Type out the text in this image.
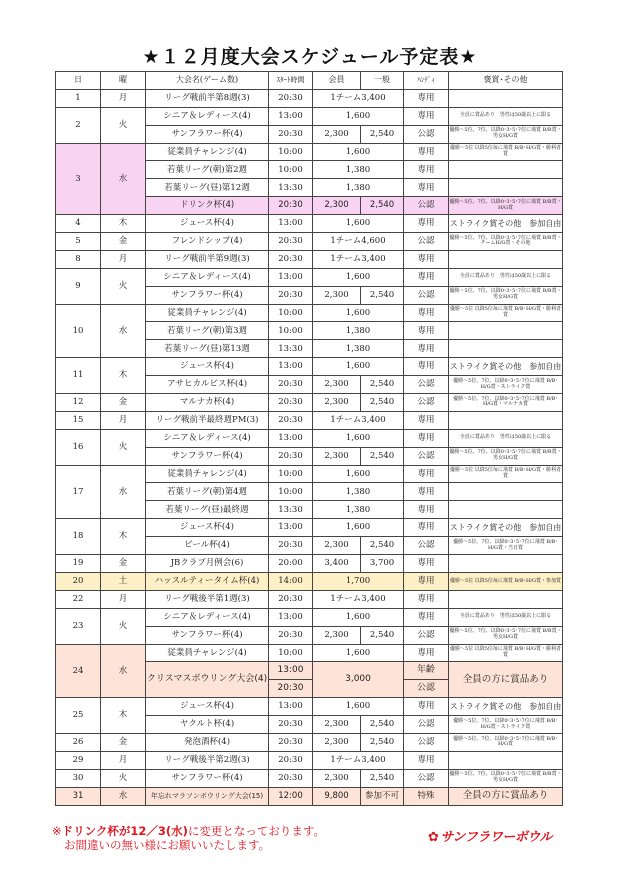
★１２月度大会スケジュール予定表★
日	曜	大会名(ゲーム数)	ｽﾀｰﾄ時間	会員	一般	ﾊﾝﾃﾞｨ	褒賞･その他
1	月	リーグ戦前半第8週(3)	20:30	1チーム3,400		専用	
2	火	シニア＆レディース(4)	13:00	1,600		専用	全員に賞品あり　男性は50歳以上に限る
		サンフラワー杯(4)	20:30	2,300	2,540	公認	優勝～5位、7位、以降0･3･5･7位に飛賞 B/B賞・男女H/G賞
3	水	従業員チャレンジ(4)	10:00	1,600		専用	優勝～5位 以降5位毎に飛賞 B/B･H/G賞・勝利者賞
		若葉リーグ(朝)第2週	10:00	1,380		専用	
		若葉リーグ(昼)第12週	13:30	1,380		専用	
		ドリンク杯(4)	20:30	2,300	2,540	公認	優勝～5位、7位、以降0･3･5･7位に飛賞 B/B賞・H/G賞
4	木	ジュース杯(4)	13:00	1,600		専用	ストライク賞その他　参加自由
5	金	フレンドシップ(4)	20:30	1チーム4,600		公認	優勝～5位、7位、以降0･3･5･7位に飛賞 B/B賞・チームH/G賞・その他
8	月	リーグ戦前半第9週(3)	20:30	1チーム3,400		専用	
9	火	シニア＆レディース(4)	13:00	1,600		専用	全員に賞品あり　男性は50歳以上に限る
		サンフラワー杯(4)	20:30	2,300	2,540	公認	優勝～5位、7位、以降0･3･5･7位に飛賞 B/B賞・男女H/G賞
10	水	従業員チャレンジ(4)	10:00	1,600		専用	優勝～5位 以降5位毎に飛賞 B/B･H/G賞・勝利者賞
		若葉リーグ(朝)第3週	10:00	1,380		専用	
		若葉リーグ(昼)第13週	13:30	1,380		専用	
11	木	ジュース杯(4)	13:00	1,600		専用	ストライク賞その他　参加自由
		アサヒカルピス杯(4)	20:30	2,300	2,540	公認	優勝～5位、7位、以降0･3･5･7位に飛賞 B/B･H/G賞・ストライク賞
12	金	マルナカ杯(4)	20:30	2,300	2,540	公認	優勝～5位、7位、以降0･3･5･7位に飛賞 B/B･H/G賞・マルナカ賞
15	月	リーグ戦前半最終週PM(3)	20:30	1チーム3,400		専用	
16	火	シニア＆レディース(4)	13:00	1,600		専用	全員に賞品あり　男性は50歳以上に限る
		サンフラワー杯(4)	20:30	2,300	2,540	公認	優勝～5位、7位、以降0･3･5･7位に飛賞 B/B賞・男女H/G賞
17	水	従業員チャレンジ(4)	10:00	1,600		専用	優勝～5位 以降5位毎に飛賞 B/B･H/G賞・勝利者賞
		若葉リーグ(朝)第4週	10:00	1,380		専用	
		若葉リーグ(昼)最終週	13:30	1,380		専用	
18	木	ジュース杯(4)	13:00	1,600		専用	ストライク賞その他　参加自由
		ビール杯(4)	20:30	2,300	2,540	公認	優勝～5位、7位、以降0･3･5･7位に飛賞 B/B･H/G賞・当日賞
19	金	JBクラブ月例会(6)	20:00	3,400	3,700	専用	
20	土	ハッスルティータイム杯(4)	14:00	1,700		専用	優勝～5位 以降5位毎に飛賞 B/B･H/G賞・参加賞
22	月	リーグ戦後半第1週(3)	20:30	1チーム3,400		専用	
23	火	シニア＆レディース(4)	13:00	1,600		専用	全員に賞品あり　男性は50歳以上に限る
		サンフラワー杯(4)	20:30	2,300	2,540	公認	優勝～5位、7位、以降0･3･5･7位に飛賞 B/B賞・男女H/G賞
24	水	従業員チャレンジ(4)	10:00	1,600		専用	優勝～5位 以降5位毎に飛賞 B/B･H/G賞・勝利者賞
		クリスマスボウリング大会(4)	13:00	3,000		年齢	全員の方に賞品あり
			20:30			公認	
25	木	ジュース杯(4)	13:00	1,600		専用	ストライク賞その他　参加自由
		ヤクルト杯(4)	20:30	2,300	2,540	公認	優勝～5位、7位、以降0･3･5･7位に飛賞 B/B･H/G賞・ストライク賞
26	金	発泡酒杯(4)	20:30	2,300	2,540	公認	優勝～5位、7位、以降0･3･5･7位に飛賞 B/B･H/G賞
29	月	リーグ戦後半第2週(3)	20:30	1チーム3,400		専用	
30	火	サンフラワー杯(4)	20:30	2,300	2,540	公認	優勝～5位、7位、以降0･3･5･7位に飛賞 B/B賞・男女H/G賞
31	水	年忘れマラソンボウリング大会(15)	12:00	9,800	参加不可	特殊	全員の方に賞品あり
※ドリンク杯が12／3(水)に変更となっております。
お間違いの無い様にお願いいたします。	✿ サンフラワーボウル
